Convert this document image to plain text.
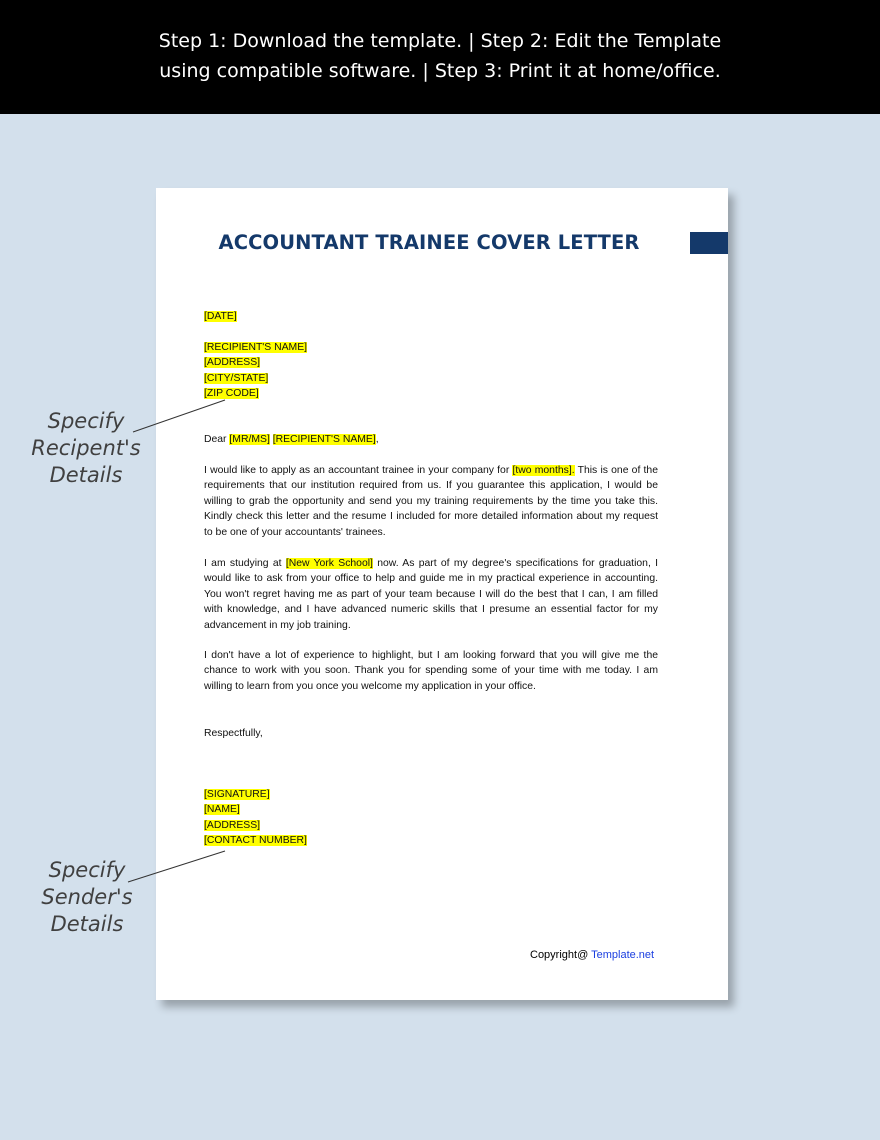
Step 1: Download the template. | Step 2: Edit the Template
using compatible software. | Step 3: Print it at home/office.
ACCOUNTANT TRAINEE COVER LETTER
[DATE]
[RECIPIENT'S NAME]
[ADDRESS]
[CITY/STATE]
[ZIP CODE]
Dear [MR/MS] [RECIPIENT'S NAME],
I would like to apply as an accountant trainee in your company for [two months]. This is one of the requirements that our institution required from us. If you guarantee this application, I would be willing to grab the opportunity and send you my training requirements by the time you take this. Kindly check this letter and the resume I included for more detailed information about my request to be one of your accountants' trainees.
I am studying at [New York School] now. As part of my degree's specifications for graduation, I would like to ask from your office to help and guide me in my practical experience in accounting. You won't regret having me as part of your team because I will do the best that I can, I am filled with knowledge, and I have advanced numeric skills that I presume an essential factor for my advancement in my job training.
I don't have a lot of experience to highlight, but I am looking forward that you will give me the chance to work with you soon. Thank you for spending some of your time with me today. I am willing to learn from you once you welcome my application in your office.
Respectfully,
[SIGNATURE]
[NAME]
[ADDRESS]
[CONTACT NUMBER]
Copyright@ Template.net
Specify
Recipent's
Details
Specify
Sender's
Details
